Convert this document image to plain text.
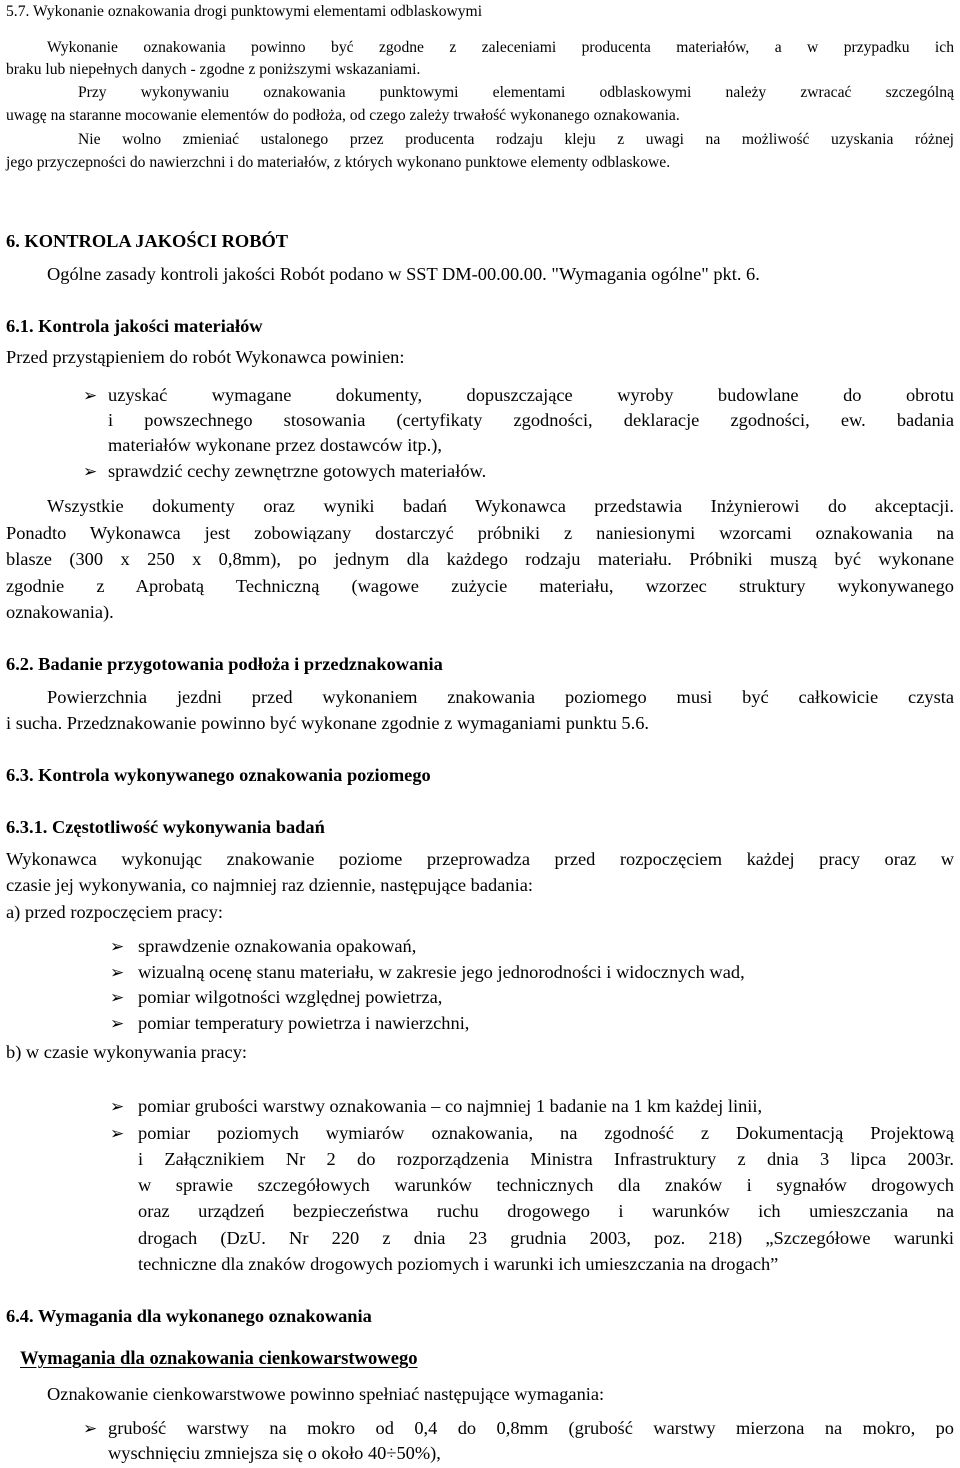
5.7. Wykonanie oznakowania drogi punktowymi elementami odblaskowymi
Wykonanie oznakowania powinno być zgodne z zaleceniami producenta materiałów, a w przypadku ich
braku lub niepełnych danych - zgodne z poniższymi wskazaniami.
Przy wykonywaniu oznakowania punktowymi elementami odblaskowymi należy zwracać szczególną
uwagę na staranne mocowanie elementów do podłoża, od czego zależy trwałość wykonanego oznakowania.
Nie wolno zmieniać ustalonego przez producenta rodzaju kleju z uwagi na możliwość uzyskania różnej
jego przyczepności do nawierzchni i do materiałów, z których wykonano punktowe elementy odblaskowe.
6. KONTROLA JAKOŚCI ROBÓT
Ogólne zasady kontroli jakości Robót podano w SST DM-00.00.00. "Wymagania ogólne" pkt. 6.
6.1. Kontrola jakości materiałów
Przed przystąpieniem do robót Wykonawca powinien:
➢ uzyskać wymagane dokumenty, dopuszczające wyroby budowlane do obrotu
i powszechnego stosowania (certyfikaty zgodności, deklaracje zgodności, ew. badania
materiałów wykonane przez dostawców itp.),
➢ sprawdzić cechy zewnętrzne gotowych materiałów.
Wszystkie dokumenty oraz wyniki badań Wykonawca przedstawia Inżynierowi do akceptacji.
Ponadto Wykonawca jest zobowiązany dostarczyć próbniki z naniesionymi wzorcami oznakowania na
blasze (300 x 250 x 0,8mm), po jednym dla każdego rodzaju materiału. Próbniki muszą być wykonane
zgodnie z Aprobatą Techniczną (wagowe zużycie materiału, wzorzec struktury wykonywanego
oznakowania).
6.2. Badanie przygotowania podłoża i przedznakowania
Powierzchnia jezdni przed wykonaniem znakowania poziomego musi być całkowicie czysta
i sucha. Przedznakowanie powinno być wykonane zgodnie z wymaganiami punktu 5.6.
6.3. Kontrola wykonywanego oznakowania poziomego
6.3.1. Częstotliwość wykonywania badań
Wykonawca wykonując znakowanie poziome przeprowadza przed rozpoczęciem każdej pracy oraz w
czasie jej wykonywania, co najmniej raz dziennie, następujące badania:
a) przed rozpoczęciem pracy:
➢ sprawdzenie oznakowania opakowań,
➢ wizualną ocenę stanu materiału, w zakresie jego jednorodności i widocznych wad,
➢ pomiar wilgotności względnej powietrza,
➢ pomiar temperatury powietrza i nawierzchni,
b) w czasie wykonywania pracy:
➢ pomiar grubości warstwy oznakowania – co najmniej 1 badanie na 1 km każdej linii,
➢ pomiar poziomych wymiarów oznakowania, na zgodność z Dokumentacją Projektową
i Załącznikiem Nr 2 do rozporządzenia Ministra Infrastruktury z dnia 3 lipca 2003r.
w sprawie szczegółowych warunków technicznych dla znaków i sygnałów drogowych
oraz urządzeń bezpieczeństwa ruchu drogowego i warunków ich umieszczania na
drogach (DzU. Nr 220 z dnia 23 grudnia 2003, poz. 218) „Szczegółowe warunki
techniczne dla znaków drogowych poziomych i warunki ich umieszczania na drogach”
6.4. Wymagania dla wykonanego oznakowania
Wymagania dla oznakowania cienkowarstwowego
Oznakowanie cienkowarstwowe powinno spełniać następujące wymagania:
➢ grubość warstwy na mokro od 0,4 do 0,8mm (grubość warstwy mierzona na mokro, po
wyschnięciu zmniejsza się o około 40÷50%),
